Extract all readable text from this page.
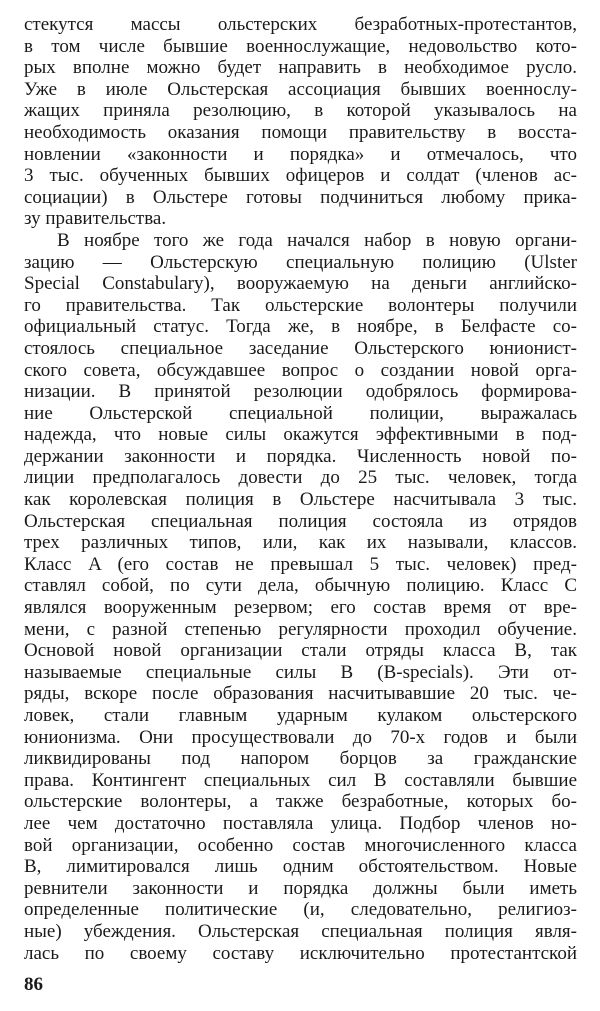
стекутся массы ольстерских безработных-протестантов,
в том числе бывшие военнослужащие, недовольство кото-
рых вполне можно будет направить в необходимое русло.
Уже в июле Ольстерская ассоциация бывших военнослу-
жащих приняла резолюцию, в которой указывалось на
необходимость оказания помощи правительству в восста-
новлении «законности и порядка» и отмечалось, что
3 тыс. обученных бывших офицеров и солдат (членов ас-
социации) в Ольстере готовы подчиниться любому прика-
зу правительства.
В ноябре того же года начался набор в новую органи-
зацию — Ольстерскую специальную полицию (Ulster
Special Constabulary), вооружаемую на деньги английско-
го правительства. Так ольстерские волонтеры получили
официальный статус. Тогда же, в ноябре, в Белфасте со-
стоялось специальное заседание Ольстерского юнионист-
ского совета, обсуждавшее вопрос о создании новой орга-
низации. В принятой резолюции одобрялось формирова-
ние Ольстерской специальной полиции, выражалась
надежда, что новые силы окажутся эффективными в под-
держании законности и порядка. Численность новой по-
лиции предполагалось довести до 25 тыс. человек, тогда
как королевская полиция в Ольстере насчитывала 3 тыс.
Ольстерская специальная полиция состояла из отрядов
трех различных типов, или, как их называли, классов.
Класс A (его состав не превышал 5 тыс. человек) пред-
ставлял собой, по сути дела, обычную полицию. Класс C
являлся вооруженным резервом; его состав время от вре-
мени, с разной степенью регулярности проходил обучение.
Основой новой организации стали отряды класса B, так
называемые специальные силы B (B-specials). Эти от-
ряды, вскоре после образования насчитывавшие 20 тыс. че-
ловек, стали главным ударным кулаком ольстерского
юнионизма. Они просуществовали до 70-х годов и были
ликвидированы под напором борцов за гражданские
права. Контингент специальных сил B составляли бывшие
ольстерские волонтеры, а также безработные, которых бо-
лее чем достаточно поставляла улица. Подбор членов но-
вой организации, особенно состав многочисленного класса
B, лимитировался лишь одним обстоятельством. Новые
ревнители законности и порядка должны были иметь
определенные политические (и, следовательно, религиоз-
ные) убеждения. Ольстерская специальная полиция явля-
лась по своему составу исключительно протестантской
86
